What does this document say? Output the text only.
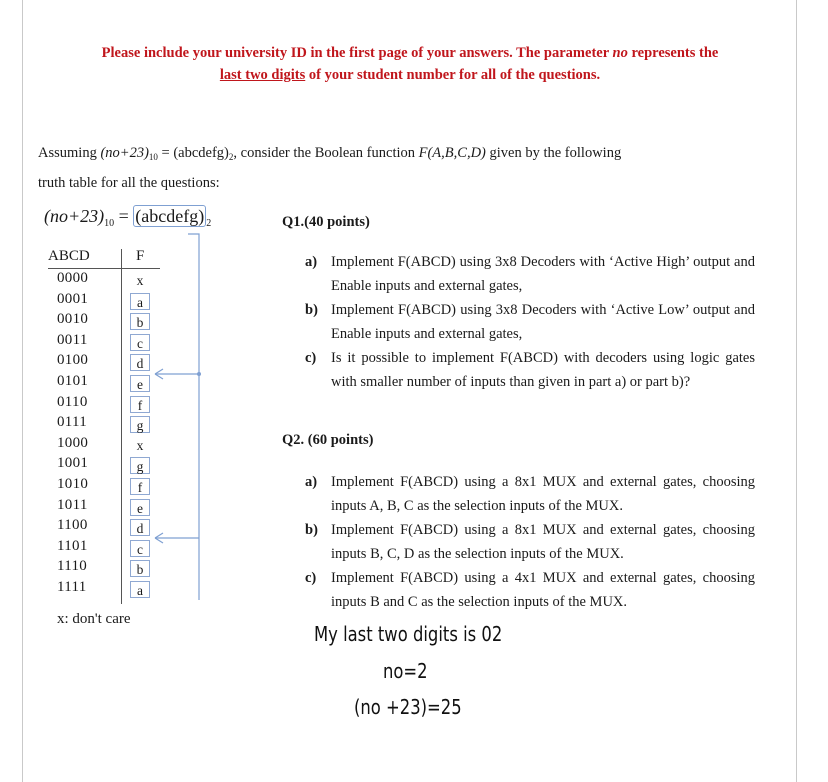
Please include your university ID in the first page of your answers. The parameter no represents the
last two digits of your student number for all of the questions.
Assuming $(no+23)_{10}$ = $(abcdefg)_2$, consider the Boolean function F(A,B,C,D) given by the following
truth table for all the questions:
$(no+23)_{10}$ = (abcdefg) $_2$
ABCD	F
0000	x
0001	a
0010	b
0011	c
0100	d
0101	e
0110	f
0111	g
1000	x
1001	g
1010	f
1011	e
1100	d
1101	c
1110	b
1111	a
x: don't care
Q1.(40 points)
a) Implement F(ABCD) using 3x8 Decoders with ‘Active High’ output and Enable inputs and external gates,
b) Implement F(ABCD) using 3x8 Decoders with ‘Active Low’ output and Enable inputs and external gates,
c)	Is it possible to implement F(ABCD) with decoders using logic gates with smaller number of inputs than given in part a) or part b)?
Q2. (60 points)
a) Implement F(ABCD) using a 8x1 MUX and external gates, choosing inputs A, B, C as the selection inputs of the MUX.
b) Implement F(ABCD) using a 8x1 MUX and external gates, choosing inputs B, C, D as the selection inputs of the MUX.
c)	Implement F(ABCD) using a 4x1 MUX and external gates, choosing inputs B and C as the selection inputs of the MUX.
My last two digits is 02
no=2
(no +23)=25
